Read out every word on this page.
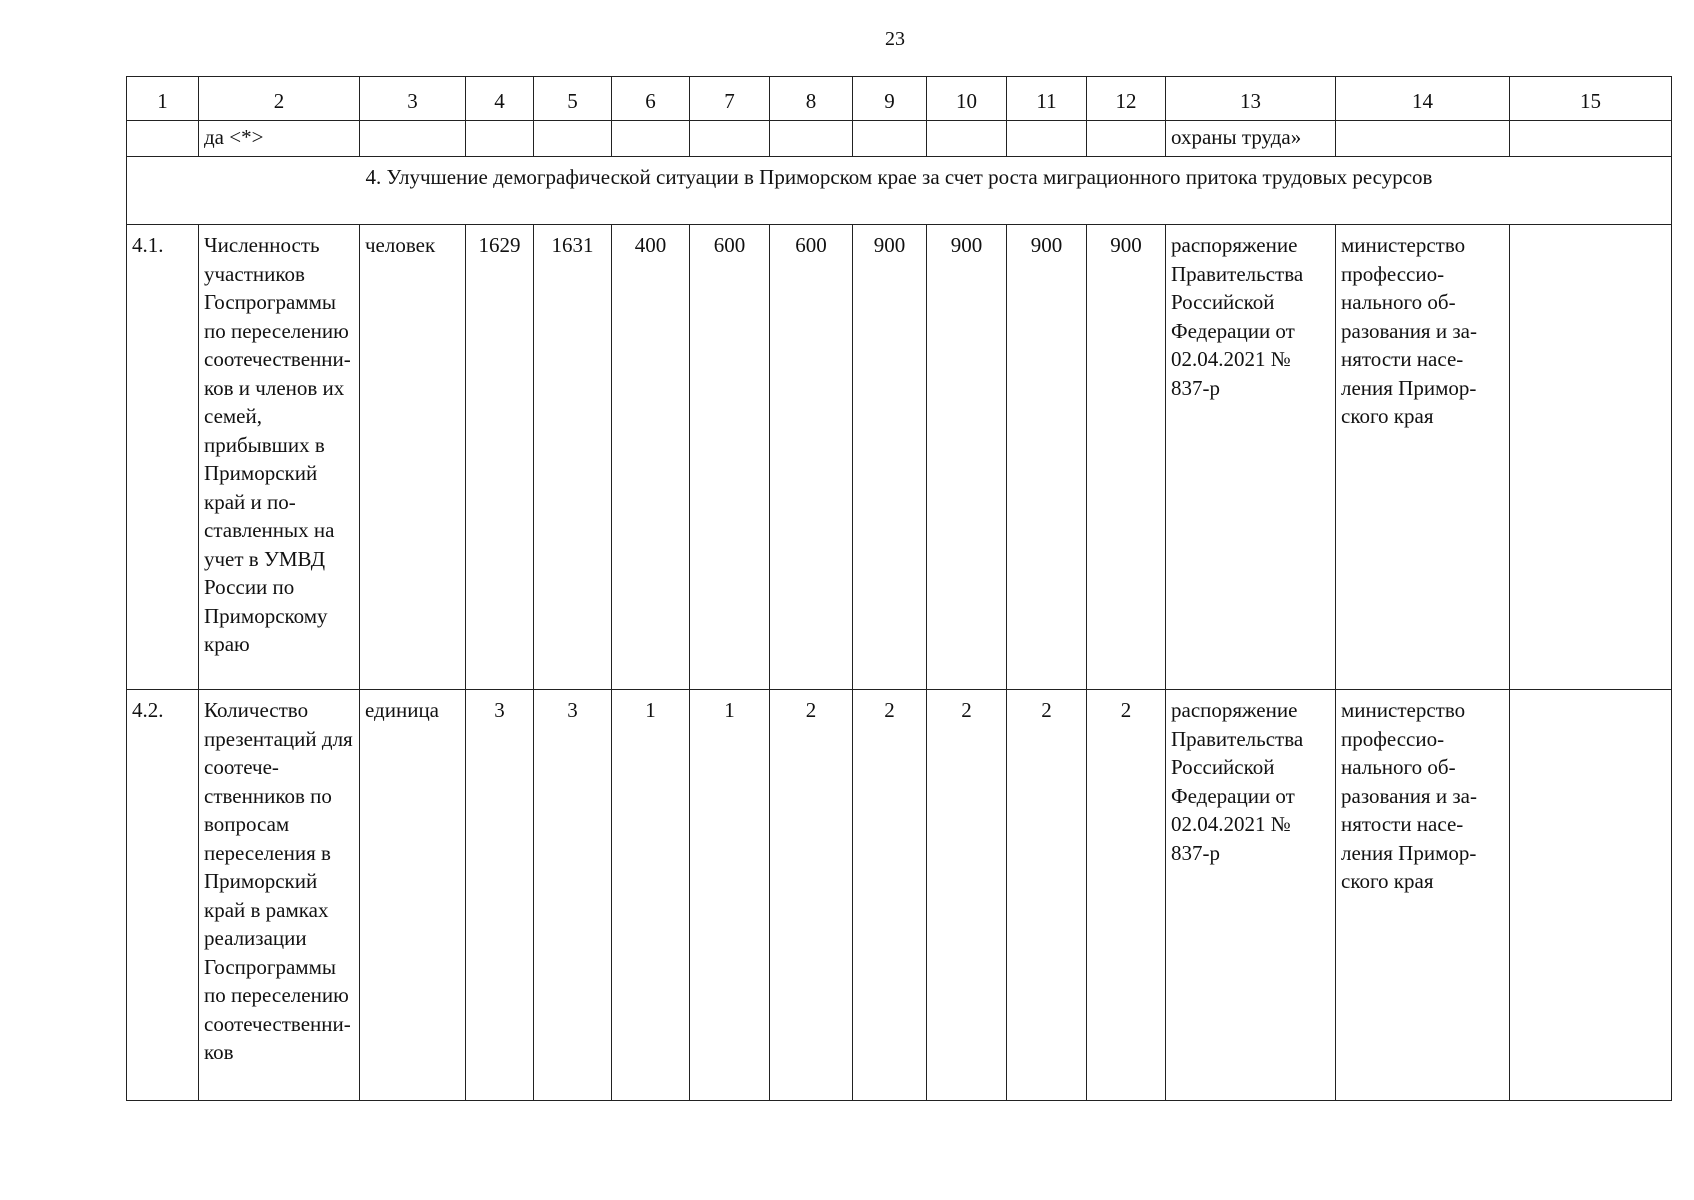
23
1	2	3	4	5	6	7	8	9	10	11	12	13	14	15
	да <*>											охраны труда»		
4. Улучшение демографической ситуации в Приморском крае за счет роста миграционного притока трудовых ресурсов														
4.1.	Численность участников Госпрограммы по переселению соотечественников и членов их семей, прибывших в Приморский край и поставленных на учет в УМВД России по Приморскому краю	человек	1629	1631	400	600	600	900	900	900	900	распоряжение Правительства Российской Федерации от 02.04.2021 № 837-р	министерство профессионального образования и занятости населения Приморского края	
4.2.	Количество презентаций для соотечественников по вопросам переселения в Приморский край в рамках реализации Госпрограммы по переселению соотечественников	единица	3	3	1	1	2	2	2	2	2	распоряжение Правительства Российской Федерации от 02.04.2021 № 837-р	министерство профессионального образования и занятости населения Приморского края	
